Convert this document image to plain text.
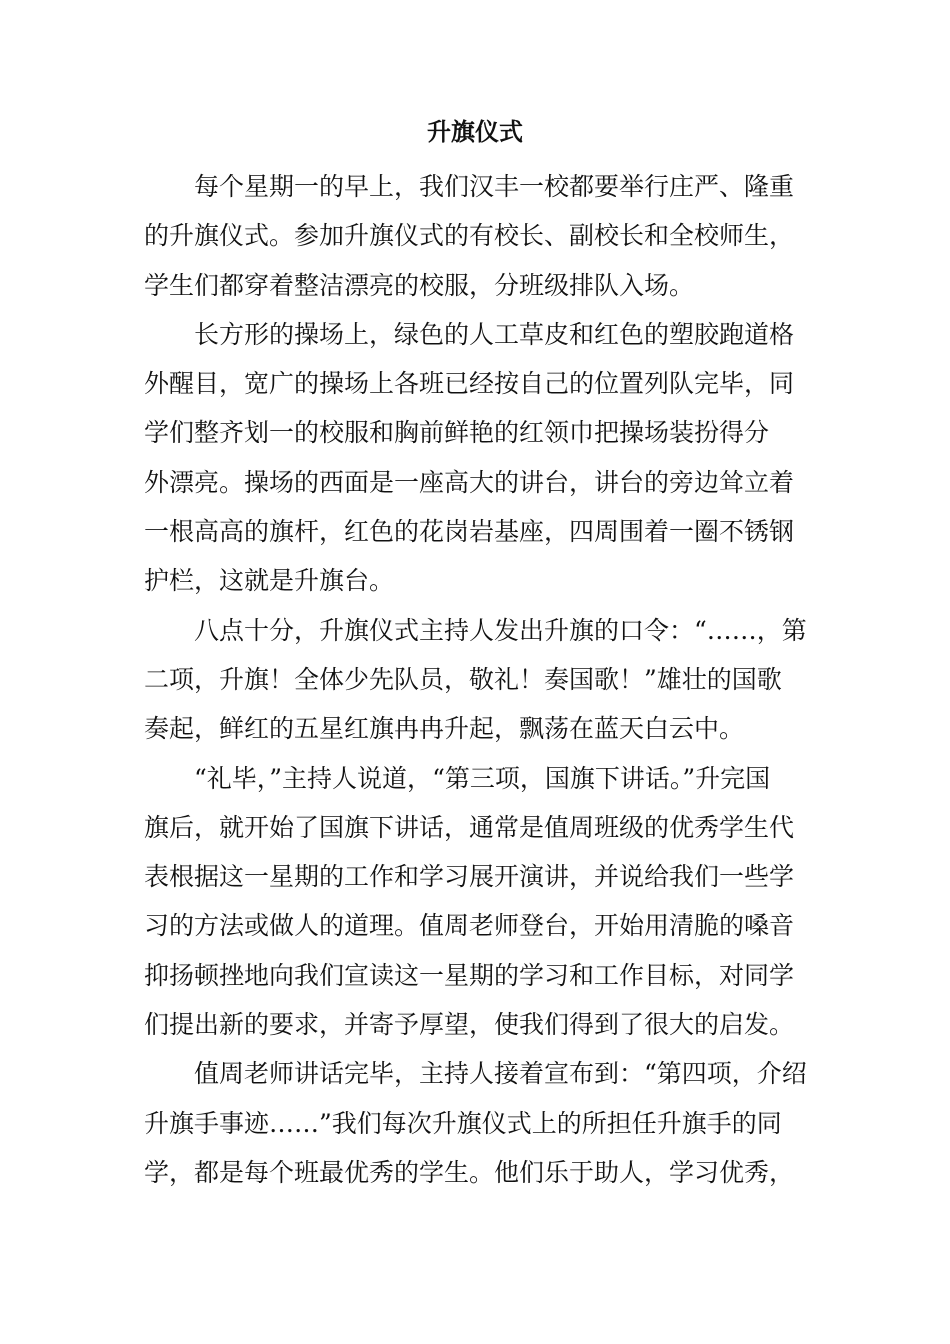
升旗仪式
　　每个星期一的早上，我们汉丰一校都要举行庄严、隆重
的升旗仪式。参加升旗仪式的有校长、副校长和全校师生，
学生们都穿着整洁漂亮的校服，分班级排队入场。
　　长方形的操场上，绿色的人工草皮和红色的塑胶跑道格
外醒目，宽广的操场上各班已经按自己的位置列队完毕，同
学们整齐划一的校服和胸前鲜艳的红领巾把操场装扮得分
外漂亮。操场的西面是一座高大的讲台，讲台的旁边耸立着
一根高高的旗杆，红色的花岗岩基座，四周围着一圈不锈钢
护栏，这就是升旗台。
　　八点十分，升旗仪式主持人发出升旗的口令：“……，第
二项，升旗！全体少先队员，敬礼！奏国歌！”雄壮的国歌
奏起，鲜红的五星红旗冉冉升起，飘荡在蓝天白云中。
　　“礼毕，”主持人说道，“第三项，国旗下讲话。”升完国
旗后，就开始了国旗下讲话，通常是值周班级的优秀学生代
表根据这一星期的工作和学习展开演讲，并说给我们一些学
习的方法或做人的道理。值周老师登台，开始用清脆的嗓音
抑扬顿挫地向我们宣读这一星期的学习和工作目标，对同学
们提出新的要求，并寄予厚望，使我们得到了很大的启发。
　　值周老师讲话完毕，主持人接着宣布到：“第四项，介绍
升旗手事迹……”我们每次升旗仪式上的所担任升旗手的同
学，都是每个班最优秀的学生。他们乐于助人，学习优秀，
